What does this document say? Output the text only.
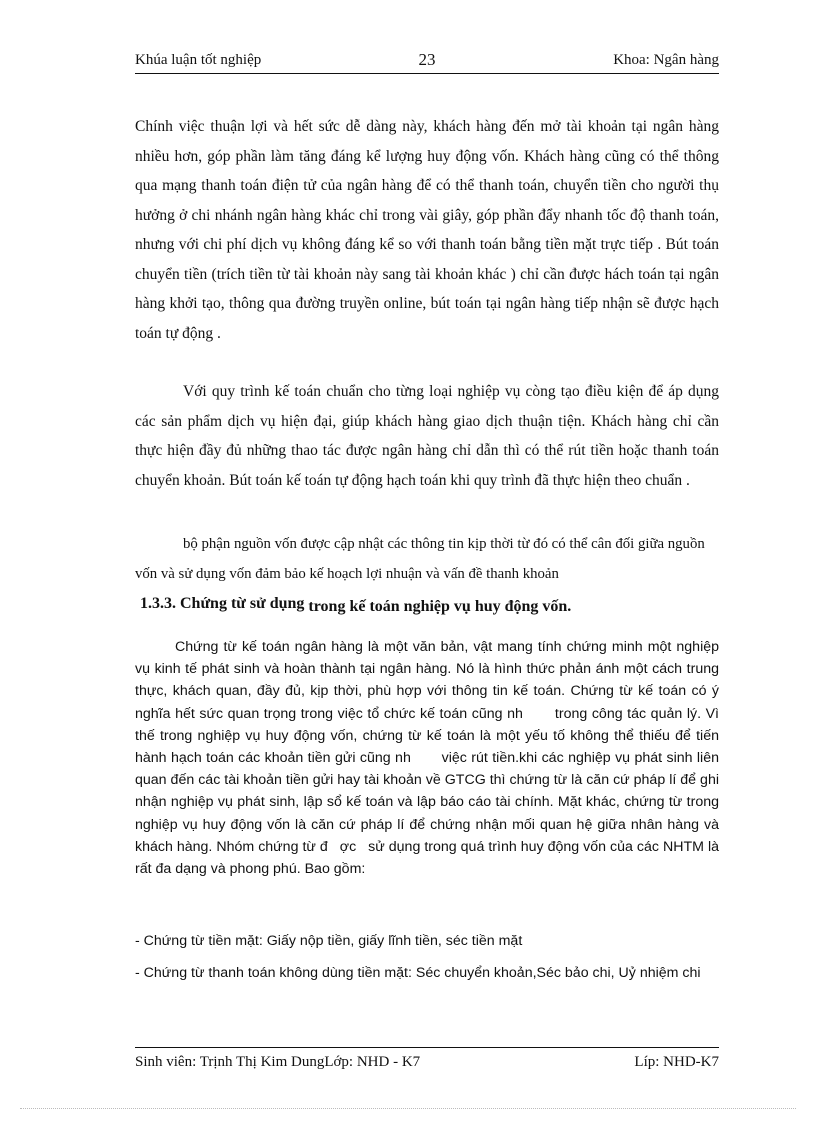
Khúa luận tốt nghiệp	23	Khoa: Ngân hàng
Chính việc thuận lợi và hết sức dễ dàng này, khách hàng đến mở tài khoản tại ngân hàng nhiều hơn, góp phần làm tăng đáng kể lượng huy động vốn. Khách hàng cũng có thể thông qua mạng thanh toán điện tử của ngân hàng để có thể thanh toán, chuyển tiền cho người thụ hưởng ở chi nhánh ngân hàng khác chỉ trong vài giây, góp phần đẩy nhanh tốc độ thanh toán, nhưng với chi phí dịch vụ không đáng kể so với thanh toán bằng tiền mặt trực tiếp . Bút toán chuyển tiền (trích tiền từ tài khoản này sang tài khoản khác ) chỉ cần được hách toán tại ngân hàng khởi tạo, thông qua đường truyền online, bút toán tại ngân hàng tiếp nhận sẽ được hạch toán tự động .
Với quy trình kế toán chuẩn cho từng loại nghiệp vụ còng tạo điều kiện để áp dụng các sản phẩm dịch vụ hiện đại, giúp khách hàng giao dịch thuận tiện. Khách hàng chỉ cần thực hiện đầy đủ những thao tác được ngân hàng chỉ dẫn thì có thể rút tiền hoặc thanh toán chuyển khoản. Bút toán kế toán tự động hạch toán khi quy trình đã thực hiện theo chuẩn .
bộ phận nguồn vốn được cập nhật các thông tin kịp thời từ đó có thể cân đối giữa nguồn vốn và sử dụng vốn đảm bảo kế hoạch lợi nhuận và vấn đề thanh khoản
1.3.3. Chứng từ sử dụng trong kế toán nghiệp vụ huy động vốn.
Chứng từ kế toán ngân hàng là một văn bản, vật mang tính chứng minh một nghiệp vụ kinh tế phát sinh và hoàn thành tại ngân hàng. Nó là hình thức phản ánh một cách trung thực, khách quan, đầy đủ, kịp thời, phù hợp với thông tin kế toán. Chứng từ kế toán có ý nghĩa hết sức quan trọng trong việc tổ chức kế toán cũng nh       trong công tác quản lý. Vì thế trong nghiệp vụ huy động vốn, chứng từ kế toán là một yếu tố không thể thiếu để tiến hành hạch toán các khoản tiền gửi cũng nh       việc rút tiền.khi các nghiệp vụ phát sinh liên quan đến các tài khoản tiền gửi hay tài khoản về GTCG thì chứng từ là căn cứ pháp lí để ghi nhận nghiệp vụ phát sinh, lập sổ kế toán và lập báo cáo tài chính. Mặt khác, chứng từ trong nghiệp vụ huy động vốn là căn cứ pháp lí để chứng nhận mối quan hệ giữa nhân hàng và khách hàng. Nhóm chứng từ đ   ợc   sử dụng trong quá trình huy động vốn của các NHTM là rất đa dạng và phong phú. Bao gồm:
- Chứng từ tiền mặt: Giấy nộp tiền, giấy lĩnh tiền, séc tiền mặt
- Chứng từ thanh toán không dùng tiền mặt: Séc chuyển khoản,Séc bảo chi, Uỷ nhiệm chi
Sinh viên: Trịnh Thị Kim DungLớp: NHD - K7	Líp: NHD-K7
